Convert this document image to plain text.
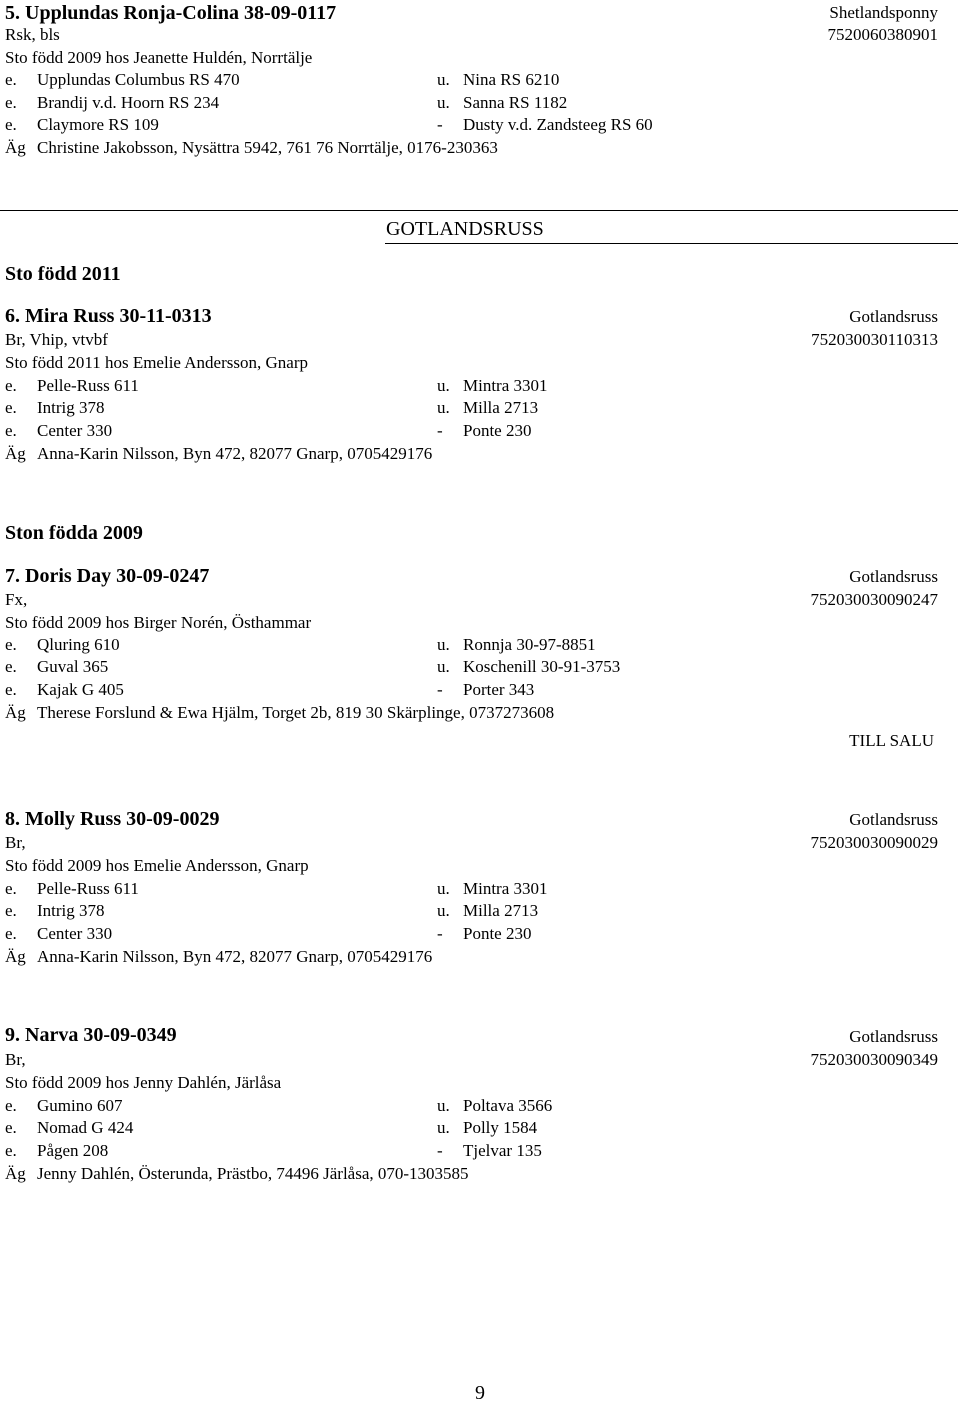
5. Upplundas Ronja-Colina 38-09-0117	Shetlandsponny
Rsk, bls	7520060380901
Sto född 2009 hos Jeanette Huldén, Norrtälje
e.	Upplundas Columbus RS 470	u. Nina RS 6210
e.	Brandij v.d. Hoorn RS 234	u. Sanna RS 1182
e.	Claymore RS 109	-	Dusty v.d. Zandsteeg RS 60
Äg Christine Jakobsson, Nysättra 5942, 761 76 Norrtälje, 0176-230363
GOTLANDSRUSS
Sto född 2011
6. Mira Russ 30-11-0313	Gotlandsruss
Br, Vhip, vtvbf	752030030110313
Sto född 2011 hos Emelie Andersson, Gnarp
e.	Pelle-Russ 611	u. Mintra 3301
e.	Intrig 378	u. Milla 2713
e.	Center 330	-	Ponte 230
Äg Anna-Karin Nilsson, Byn 472, 82077 Gnarp, 0705429176
Ston födda 2009
7. Doris Day 30-09-0247	Gotlandsruss
Fx,	752030030090247
Sto född 2009 hos Birger Norén, Östhammar
e.	Qluring 610	u. Ronnja 30-97-8851
e.	Guval 365	u. Koschenill 30-91-3753
e.	Kajak G 405	-	Porter 343
Äg Therese Forslund & Ewa Hjälm, Torget 2b, 819 30 Skärplinge, 0737273608
TILL SALU
8. Molly Russ 30-09-0029	Gotlandsruss
Br,	752030030090029
Sto född 2009 hos Emelie Andersson, Gnarp
e.	Pelle-Russ 611	u. Mintra 3301
e.	Intrig 378	u. Milla 2713
e.	Center 330	-	Ponte 230
Äg Anna-Karin Nilsson, Byn 472, 82077 Gnarp, 0705429176
9. Narva 30-09-0349	Gotlandsruss
Br,	752030030090349
Sto född 2009 hos Jenny Dahlén, Järlåsa
e.	Gumino 607	u. Poltava 3566
e.	Nomad G 424	u. Polly 1584
e.	Pågen 208	-	Tjelvar 135
Äg Jenny Dahlén, Österunda, Prästbo, 74496 Järlåsa, 070-1303585
9
